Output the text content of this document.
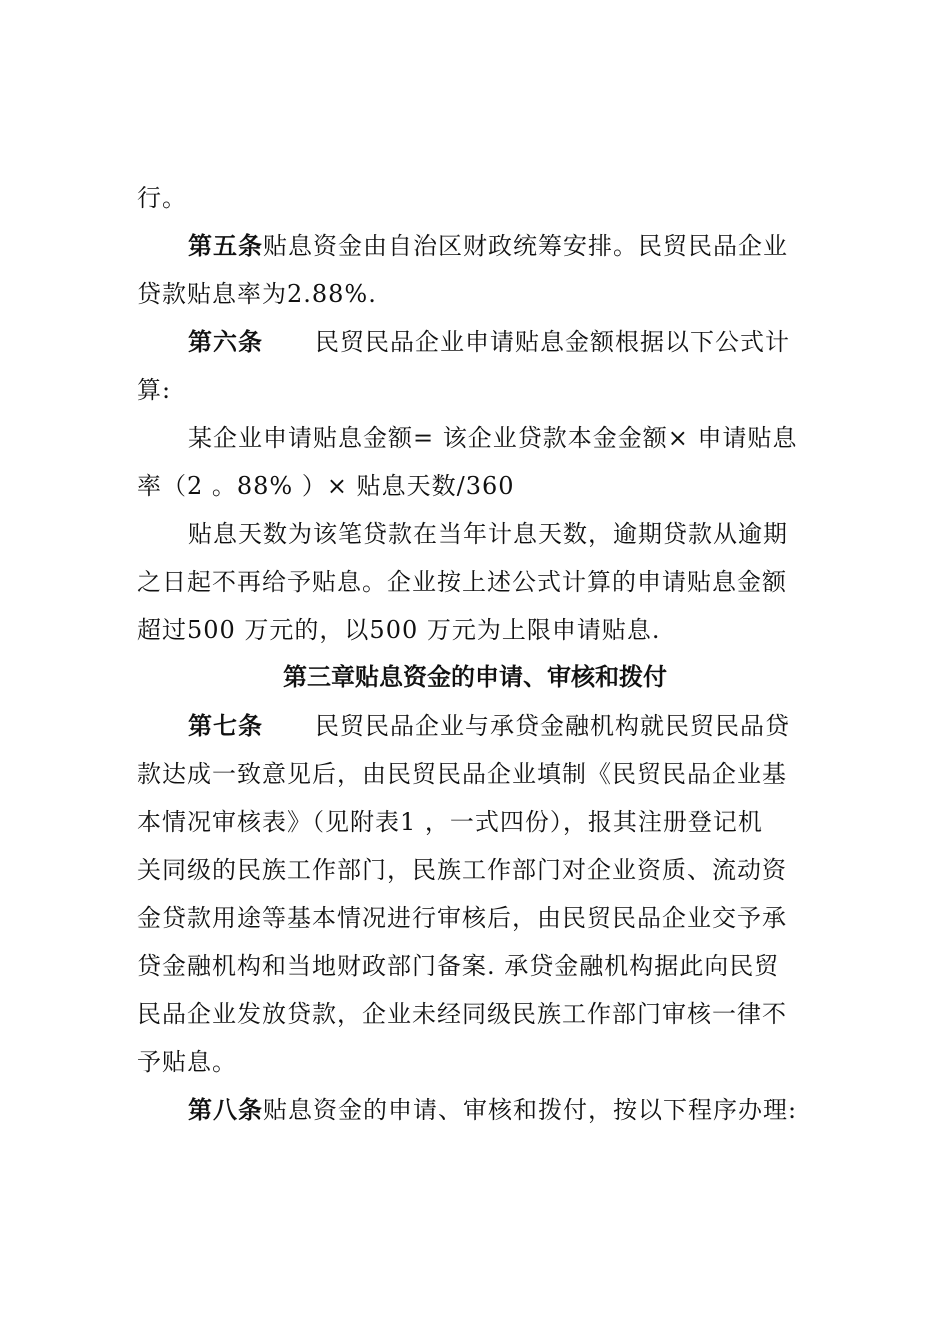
行。
第五条贴息资金由自治区财政统筹安排。民贸民品企业
贷款贴息率为2.88%.
第六条 民贸民品企业申请贴息金额根据以下公式计
算:
某企业申请贴息金额= 该企业贷款本金金额× 申请贴息
率（2 。88% ）× 贴息天数/360
贴息天数为该笔贷款在当年计息天数，逾期贷款从逾期
之日起不再给予贴息。企业按上述公式计算的申请贴息金额
超过500 万元的，以500 万元为上限申请贴息.
第三章贴息资金的申请、审核和拨付
第七条 民贸民品企业与承贷金融机构就民贸民品贷
款达成一致意见后，由民贸民品企业填制《民贸民品企业基
本情况审核表》（见附表1 ，一式四份），报其注册登记机
关同级的民族工作部门，民族工作部门对企业资质、流动资
金贷款用途等基本情况进行审核后，由民贸民品企业交予承
贷金融机构和当地财政部门备案. 承贷金融机构据此向民贸
民品企业发放贷款，企业未经同级民族工作部门审核一律不
予贴息。
第八条贴息资金的申请、审核和拨付，按以下程序办理:
